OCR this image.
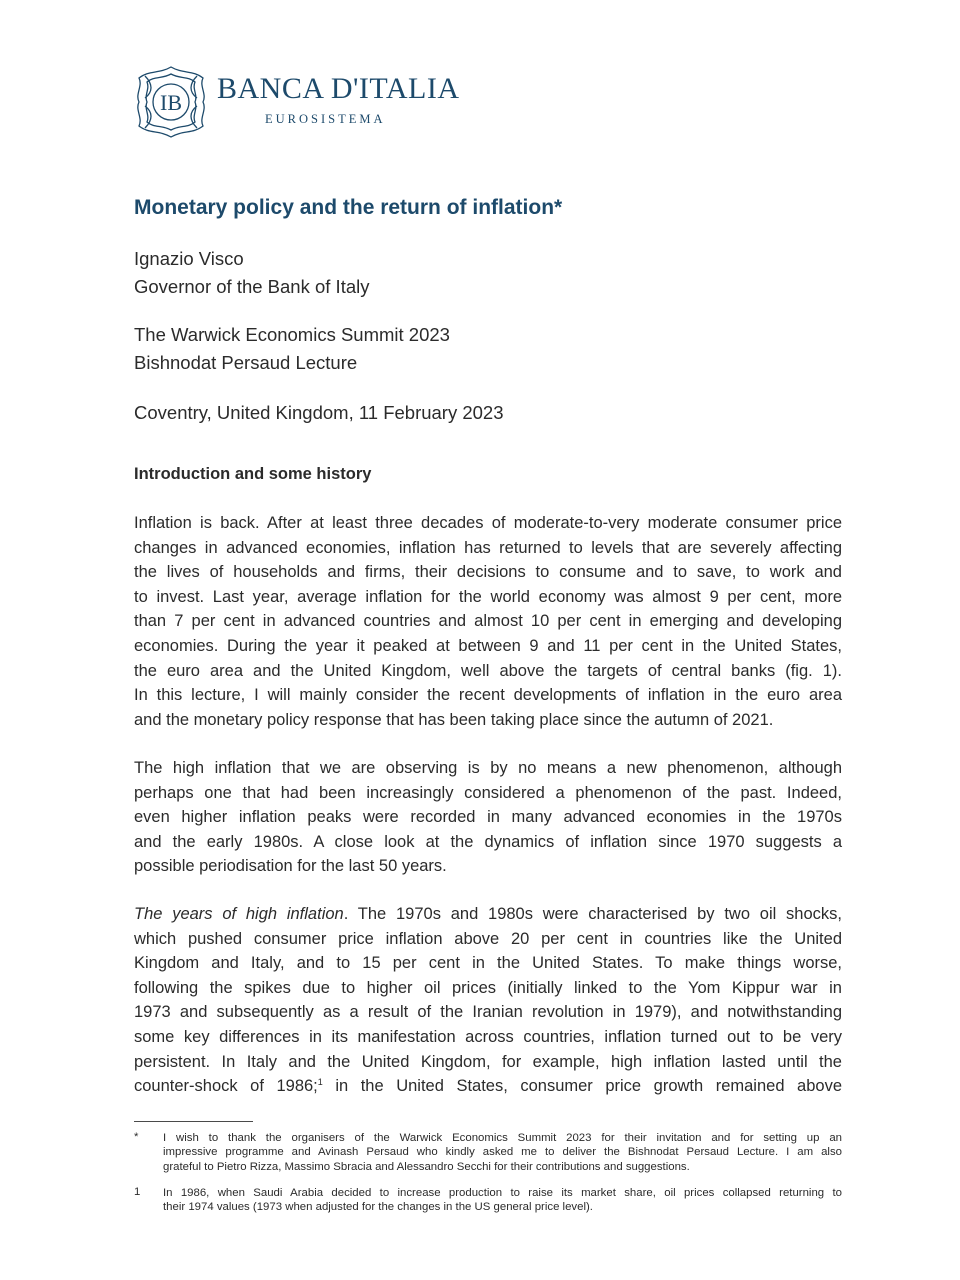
IB BANCA D'ITALIA
EUROSISTEMA
Monetary policy and the return of inflation*
Ignazio Visco
Governor of the Bank of Italy
The Warwick Economics Summit 2023
Bishnodat Persaud Lecture
Coventry, United Kingdom, 11 February 2023
Introduction and some history
Inflation is back. After at least three decades of moderate-to-very moderate consumer price
changes in advanced economies, inflation has returned to levels that are severely affecting
the lives of households and firms, their decisions to consume and to save, to work and
to invest. Last year, average inflation for the world economy was almost 9 per cent, more
than 7 per cent in advanced countries and almost 10 per cent in emerging and developing
economies. During the year it peaked at between 9 and 11 per cent in the United States,
the euro area and the United Kingdom, well above the targets of central banks (fig. 1).
In this lecture, I will mainly consider the recent developments of inflation in the euro area
and the monetary policy response that has been taking place since the autumn of 2021.
The high inflation that we are observing is by no means a new phenomenon, although
perhaps one that had been increasingly considered a phenomenon of the past. Indeed,
even higher inflation peaks were recorded in many advanced economies in the 1970s
and the early 1980s. A close look at the dynamics of inflation since 1970 suggests a
possible periodisation for the last 50 years.
The years of high inflation. The 1970s and 1980s were characterised by two oil shocks,
which pushed consumer price inflation above 20 per cent in countries like the United
Kingdom and Italy, and to 15 per cent in the United States. To make things worse,
following the spikes due to higher oil prices (initially linked to the Yom Kippur war in
1973 and subsequently as a result of the Iranian revolution in 1979), and notwithstanding
some key differences in its manifestation across countries, inflation turned out to be very
persistent. In Italy and the United Kingdom, for example, high inflation lasted until the
counter-shock of 1986;$^1$ in the United States, consumer price growth remained above
* I wish to thank the organisers of the Warwick Economics Summit 2023 for their invitation and for setting up an
impressive programme and Avinash Persaud who kindly asked me to deliver the Bishnodat Persaud Lecture. I am also
grateful to Pietro Rizza, Massimo Sbracia and Alessandro Secchi for their contributions and suggestions.
1 In 1986, when Saudi Arabia decided to increase production to raise its market share, oil prices collapsed returning to
their 1974 values (1973 when adjusted for the changes in the US general price level).
